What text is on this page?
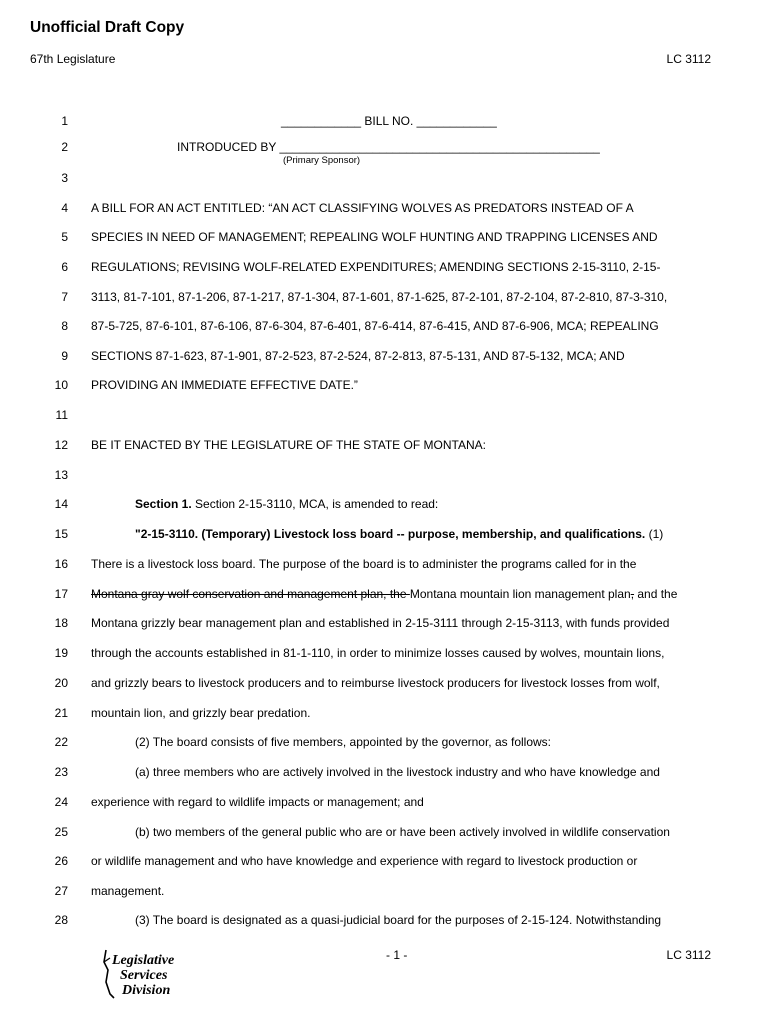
Unofficial Draft Copy
67th Legislature	LC 3112
1
2
3
4
5
6
7
8
9
10
11
12
13
14
15
16
17
18
19
20
21
22
23
24
25
26
27
28
____________ BILL NO. ____________
INTRODUCED BY ________________________________________________
(Primary Sponsor)
A BILL FOR AN ACT ENTITLED: “AN ACT CLASSIFYING WOLVES AS PREDATORS INSTEAD OF A
SPECIES IN NEED OF MANAGEMENT; REPEALING WOLF HUNTING AND TRAPPING LICENSES AND
REGULATIONS; REVISING WOLF-RELATED EXPENDITURES; AMENDING SECTIONS 2-15-3110, 2-15-
3113, 81-7-101, 87-1-206, 87-1-217, 87-1-304, 87-1-601, 87-1-625, 87-2-101, 87-2-104, 87-2-810, 87-3-310,
87-5-725, 87-6-101, 87-6-106, 87-6-304, 87-6-401, 87-6-414, 87-6-415, AND 87-6-906, MCA; REPEALING
SECTIONS 87-1-623, 87-1-901, 87-2-523, 87-2-524, 87-2-813, 87-5-131, AND 87-5-132, MCA; AND
PROVIDING AN IMMEDIATE EFFECTIVE DATE.”
BE IT ENACTED BY THE LEGISLATURE OF THE STATE OF MONTANA:
Section 1. Section 2-15-3110, MCA, is amended to read:
"2-15-3110. (Temporary) Livestock loss board -- purpose, membership, and qualifications. (1)
There is a livestock loss board. The purpose of the board is to administer the programs called for in the
Montana gray wolf conservation and management plan, the Montana mountain lion management plan, and the
Montana grizzly bear management plan and established in 2-15-3111 through 2-15-3113, with funds provided
through the accounts established in 81-1-110, in order to minimize losses caused by wolves, mountain lions,
and grizzly bears to livestock producers and to reimburse livestock producers for livestock losses from wolf,
mountain lion, and grizzly bear predation.
(2) The board consists of five members, appointed by the governor, as follows:
(a) three members who are actively involved in the livestock industry and who have knowledge and
experience with regard to wildlife impacts or management; and
(b) two members of the general public who are or have been actively involved in wildlife conservation
or wildlife management and who have knowledge and experience with regard to livestock production or
management.
(3) The board is designated as a quasi-judicial board for the purposes of 2-15-124. Notwithstanding
Legislative
Services
Division
- 1 -	LC 3112
